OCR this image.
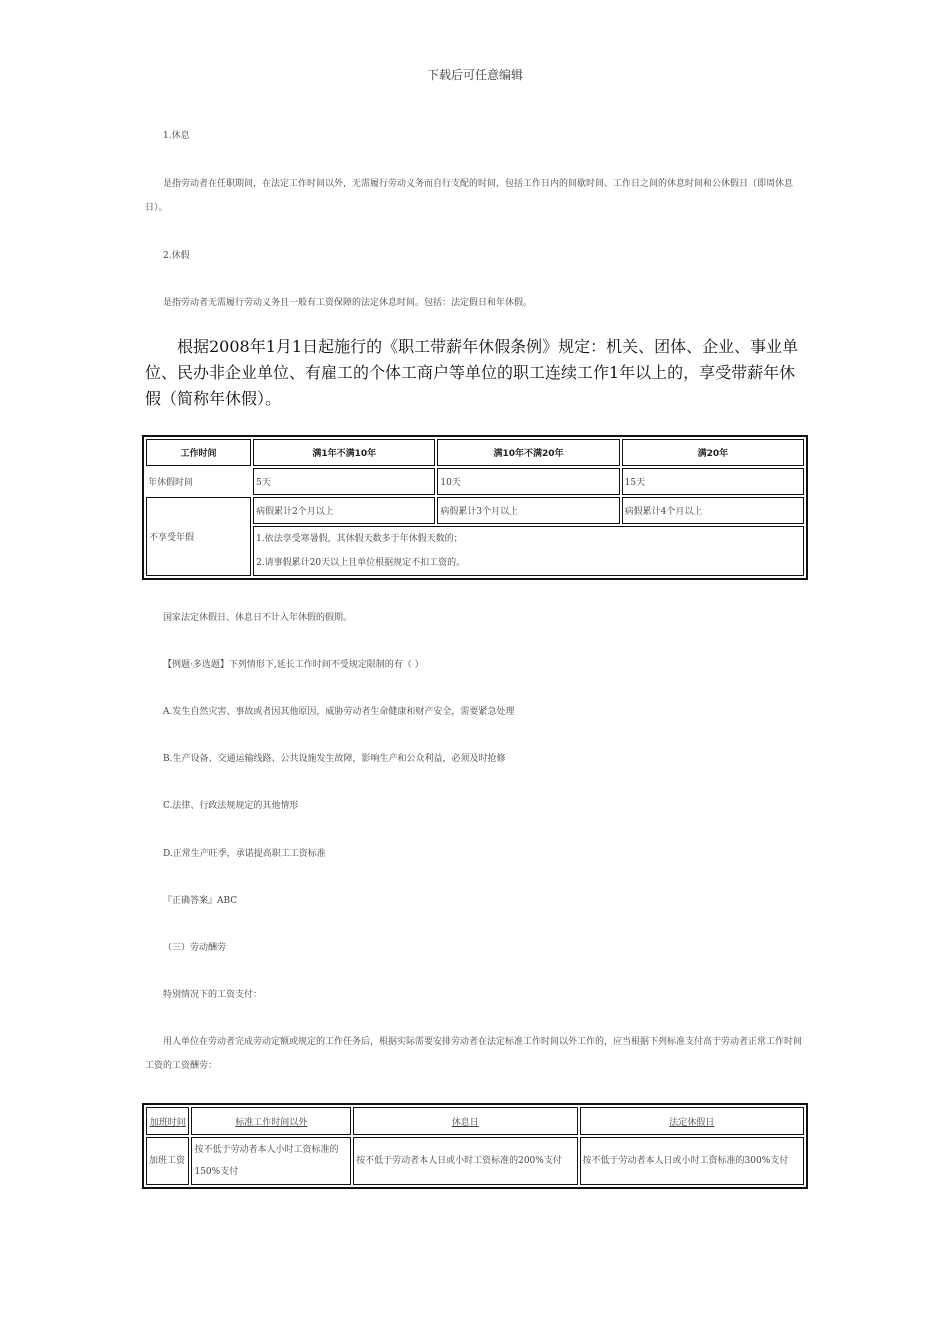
下载后可任意编辑

1.休息

是指劳动者在任职期间，在法定工作时间以外，无需履行劳动义务而自行支配的时间，包括工作日内的间歇时间、工作日之间的休息时间和公休假日（即周休息日）。

2.休假

是指劳动者无需履行劳动义务且一般有工资保障的法定休息时间。包括：法定假日和年休假。

根据2008年1月1日起施行的《职工带薪年休假条例》规定：机关、团体、企业、事业单位、民办非企业单位、有雇工的个体工商户等单位的职工连续工作1年以上的，享受带薪年休假（简称年休假）。

工作时间	满1年不满10年	满10年不满20年	满20年
年休假时间	5天	10天	15天
不享受年假	病假累计2个月以上	病假累计3个月以上	病假累计4个月以上

	1.依法享受寒暑假，其休假天数多于年休假天数的；
2.请事假累计20天以上且单位根据规定不扣工资的。		

国家法定休假日、休息日不计入年休假的假期。

【例题·多选题】下列情形下,延长工作时间不受规定限制的有（ ）

A.发生自然灾害、事故或者因其他原因，威胁劳动者生命健康和财产安全，需要紧急处理

B.生产设备、交通运输线路、公共设施发生故障，影响生产和公众利益，必须及时抢修

C.法律、行政法规规定的其他情形

D.正常生产旺季，承诺提高职工工资标准

『正确答案』ABC

（三）劳动酬劳

特别情况下的工资支付：

用人单位在劳动者完成劳动定额或规定的工作任务后，根据实际需要安排劳动者在法定标准工作时间以外工作的，应当根据下列标准支付高于劳动者正常工作时间工资的工资酬劳：

加班时间	标准工作时间以外	休息日	法定休假日
加班工资	按不低于劳动者本人小时工资标准的150%支付	按不低于劳动者本人日或小时工资标准的200%支付	按不低于劳动者本人日或小时工资标准的300%支付
